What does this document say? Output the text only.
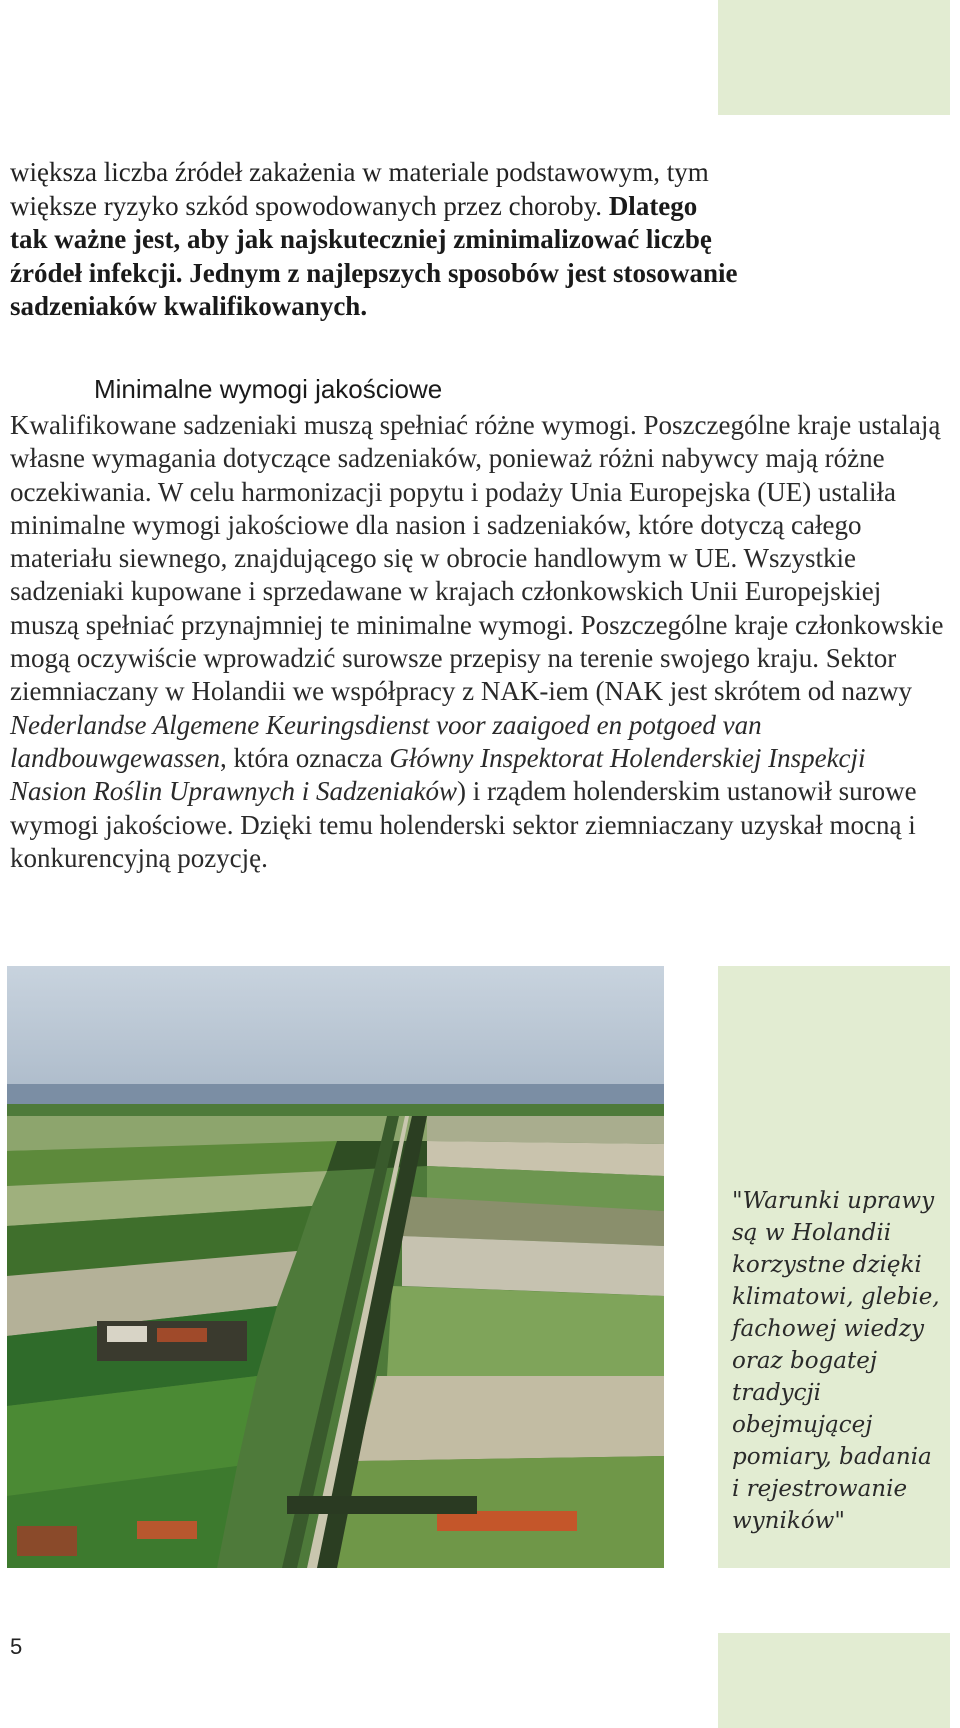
większa liczba źródeł zakażenia w materiale podstawowym, tym
większe ryzyko szkód spowodowanych przez choroby. Dlatego
tak ważne jest, aby jak najskuteczniej zminimalizować liczbę
źródeł infekcji. Jednym z najlepszych sposobów jest stosowanie
sadzeniaków kwalifikowanych.
Minimalne wymogi jakościowe
Kwalifikowane sadzeniaki muszą spełniać różne wymogi. Poszczególne kraje ustalają własne wymagania dotyczące sadzeniaków, ponieważ różni nabywcy mają różne oczekiwania. W celu harmonizacji popytu i podaży Unia Europejska (UE) ustaliła minimalne wymogi jakościowe dla nasion i sadzeniaków, które dotyczą całego materiału siewnego, znajdującego się w obrocie handlowym w UE. Wszystkie sadzeniaki kupowane i sprzedawane w krajach członkowskich Unii Europejskiej muszą spełniać przynajmniej te minimalne wymogi. Poszczególne kraje członkowskie mogą oczywiście wprowadzić surowsze przepisy na terenie swojego kraju. Sektor ziemniaczany w Holandii we współpracy z NAK-iem (NAK jest skrótem od nazwy Nederlandse Algemene Keuringsdienst voor zaaigoed en potgoed van landbouwgewassen, która oznacza Główny Inspektorat Holenderskiej Inspekcji Nasion Roślin Uprawnych i Sadzeniaków) i rządem holenderskim ustanowił surowe wymogi jakościowe. Dzięki temu holenderski sektor ziemniaczany uzyskał mocną i konkurencyjną pozycję.
"Warunki uprawy
są w Holandii
korzystne dzięki
klimatowi, glebie,
fachowej wiedzy
oraz bogatej
tradycji
obejmującej
pomiary, badania
i rejestrowanie
wyników"
5
